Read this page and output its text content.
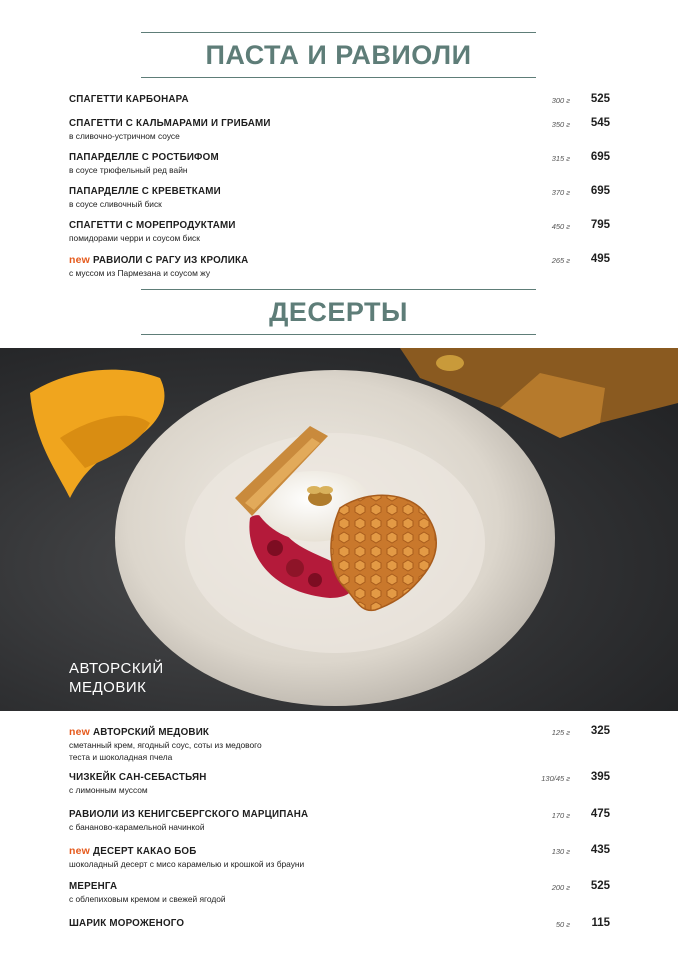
ПАСТА И РАВИОЛИ
СПАГЕТТИ КАРБОНАРА	300 г 525
СПАГЕТТИ С КАЛЬМАРАМИ И ГРИБАМИ
в сливочно-устричном соусе
350 г 545
ПАПАРДЕЛЛЕ С РОСТБИФОМ
в соусе трюфельный ред вайн
315 г 695
ПАПАРДЕЛЛЕ С КРЕВЕТКАМИ
в соусе сливочный биск
370 г 695
СПАГЕТТИ С МОРЕПРОДУКТАМИ
помидорами черри и соусом биск
450 г 795
new РАВИОЛИ С РАГУ ИЗ КРОЛИКА
с муссом из Пармезана и соусом жу
265 г 495
ДЕСЕРТЫ
АВТОРСКИЙ
МЕДОВИК
new АВТОРСКИЙ МЕДОВИК
сметанный крем, ягодный соус, соты из медового
теста и шоколадная пчела
125 г 325
ЧИЗКЕЙК САН-СЕБАСТЬЯН
с лимонным муссом
130/45 г 395
РАВИОЛИ ИЗ КЕНИГСБЕРГСКОГО МАРЦИПАНА
с бананово-карамельной начинкой
170 г 475
new ДЕСЕРТ КАКАО БОБ
шоколадный десерт с мисо карамелью и крошкой из брауни
130 г 435
МЕРЕНГА
с облепиховым кремом и свежей ягодой
200 г 525
ШАРИК МОРОЖЕНОГО	50 г 115
